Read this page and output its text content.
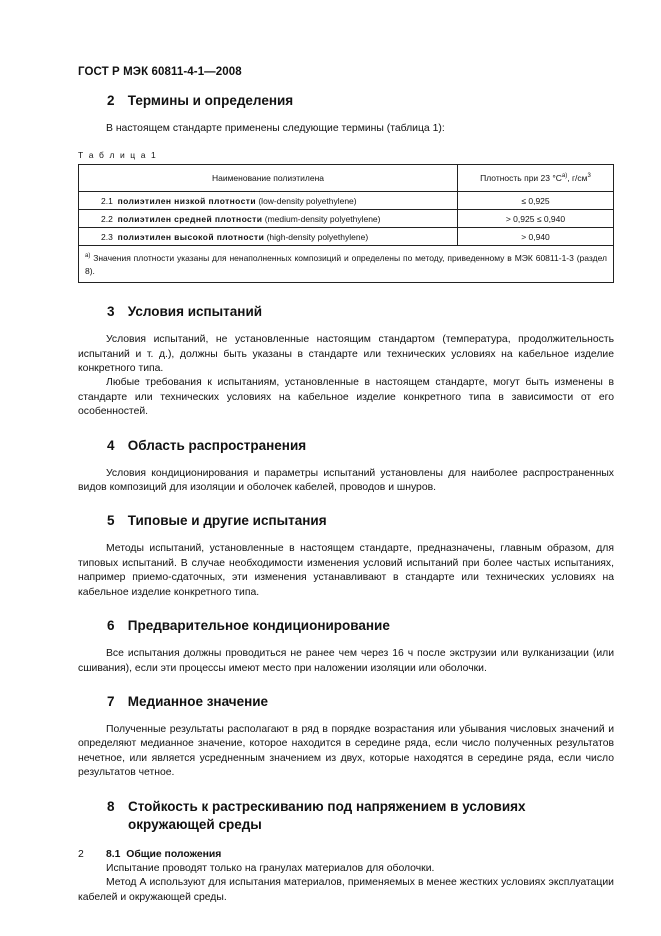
ГОСТ Р МЭК 60811-4-1—2008
2 Термины и определения

В настоящем стандарте применены следующие термины (таблица 1):

Т а б л и ц а 1
Наименование полиэтилена	Плотность при 23 $^\circ С^{а)}$, $г/см^3$
2.1 полиэтилен низкой плотности (low-density polyethylene)	≤ 0,925
2.2 полиэтилен средней плотности (medium-density polyethylene)	> 0,925 ≤ 0,940
2.3 полиэтилен высокой плотности (high-density polyethylene)	> 0,940
$^{а)}$ Значения плотности указаны для ненаполненных композиций и определены по методу, приведенному в МЭК 60811-1-3 (раздел 8).	
3 Условия испытаний

Условия испытаний, не установленные настоящим стандартом (температура, продолжительность испытаний и т. д.), должны быть указаны в стандарте или технических условиях на кабельное изделие конкретного типа.

Любые требования к испытаниям, установленные в настоящем стандарте, могут быть изменены в стандарте или технических условиях на кабельное изделие конкретного типа в зависимости от его особенностей.

4 Область распространения

Условия кондиционирования и параметры испытаний установлены для наиболее распространенных видов композиций для изоляции и оболочек кабелей, проводов и шнуров.

5 Типовые и другие испытания

Методы испытаний, установленные в настоящем стандарте, предназначены, главным образом, для типовых испытаний. В случае необходимости изменения условий испытаний при более частых испытаниях, например приемо-сдаточных, эти изменения устанавливают в стандарте или технических условиях на кабельное изделие конкретного типа.

6 Предварительное кондиционирование

Все испытания должны проводиться не ранее чем через 16 ч после экструзии или вулканизации (или сшивания), если эти процессы имеют место при наложении изоляции или оболочки.

7 Медианное значение

Полученные результаты располагают в ряд в порядке возрастания или убывания числовых значений и определяют медианное значение, которое находится в середине ряда, если число полученных результатов нечетное, или является усредненным значением из двух, которые находятся в середине ряда, если число результатов четное.

8 Стойкость к растрескиванию под напряжением в условиях окружающей среды
8.1 Общие положения

Испытание проводят только на гранулах материалов для оболочки.

Метод А используют для испытания материалов, применяемых в менее жестких условиях эксплуатации кабелей и окружающей среды.

2
